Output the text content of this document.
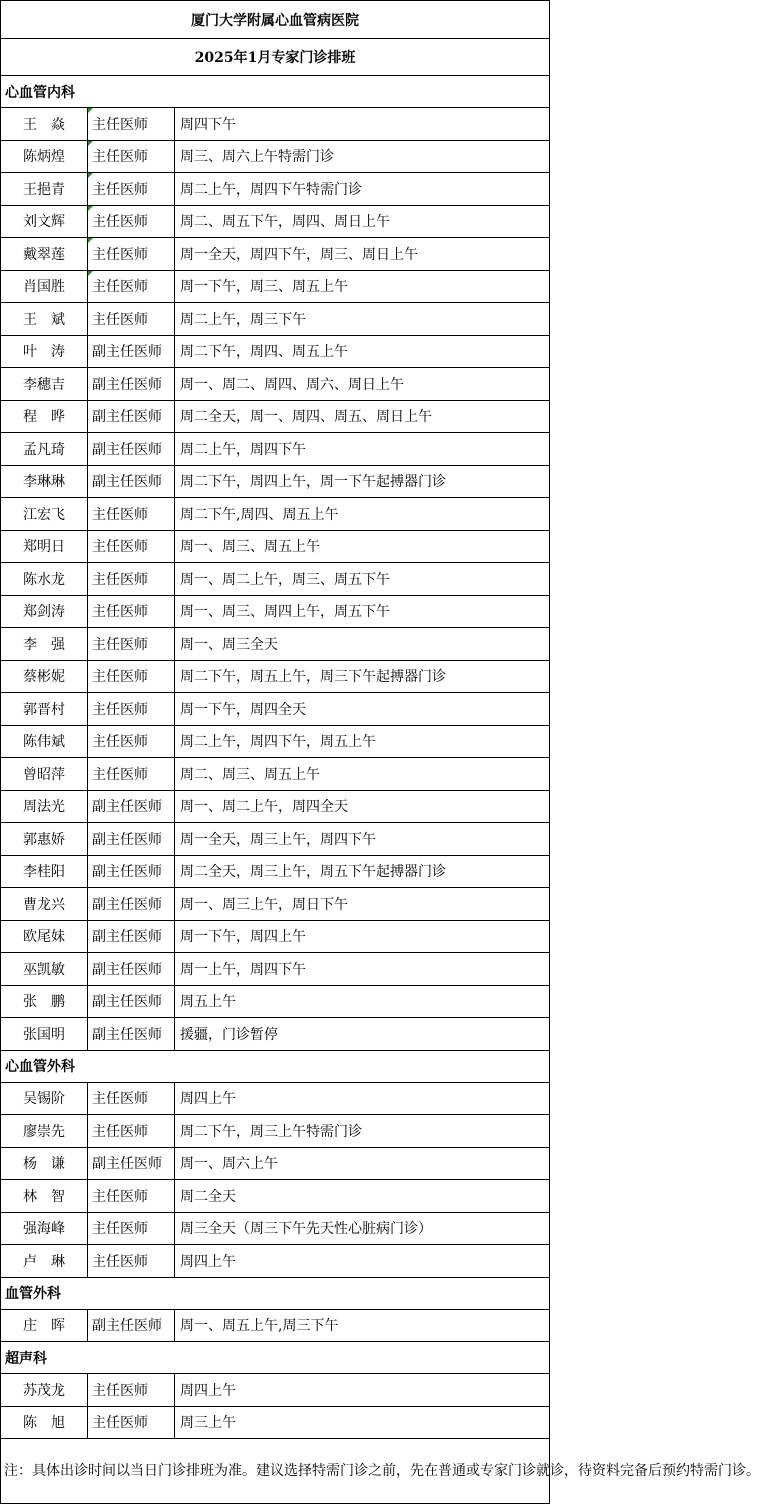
厦门大学附属心血管病医院		
2025年1月专家门诊排班		
心血管内科		
王　焱	主任医师	周四下午
陈炳煌	主任医师	周三、周六上午特需门诊
王挹青	主任医师	周二上午，周四下午特需门诊
刘文辉	主任医师	周二、周五下午，周四、周日上午
戴翠莲	主任医师	周一全天，周四下午，周三、周日上午
肖国胜	主任医师	周一下午，周三、周五上午
王　斌	主任医师	周二上午，周三下午
叶　涛	副主任医师	周二下午，周四、周五上午
李穗吉	副主任医师	周一、周二、周四、周六、周日上午
程　晔	副主任医师	周二全天，周一、周四、周五、周日上午
孟凡琦	副主任医师	周二上午，周四下午
李琳琳	副主任医师	周二下午，周四上午，周一下午起搏器门诊
江宏飞	主任医师	周二下午,周四、周五上午
郑明日	主任医师	周一、周三、周五上午
陈水龙	主任医师	周一、周二上午，周三、周五下午
郑剑涛	主任医师	周一、周三、周四上午，周五下午
李　强	主任医师	周一、周三全天
蔡彬妮	主任医师	周二下午，周五上午，周三下午起搏器门诊
郭晋村	主任医师	周一下午，周四全天
陈伟斌	主任医师	周二上午，周四下午，周五上午
曾昭萍	主任医师	周二、周三、周五上午
周法光	副主任医师	周一、周二上午，周四全天
郭惠娇	副主任医师	周一全天，周三上午，周四下午
李桂阳	副主任医师	周二全天，周三上午，周五下午起搏器门诊
曹龙兴	副主任医师	周一、周三上午，周日下午
欧尾妹	副主任医师	周一下午，周四上午
巫凯敏	副主任医师	周一上午，周四下午
张　鹏	副主任医师	周五上午
张国明	副主任医师	援疆，门诊暂停
心血管外科		
吴锡阶	主任医师	周四上午
廖崇先	主任医师	周二下午，周三上午特需门诊
杨　谦	副主任医师	周一、周六上午
林　智	主任医师	周二全天
强海峰	主任医师	周三全天（周三下午先天性心脏病门诊）
卢　琳	主任医师	周四上午
血管外科		
庄　晖	副主任医师	周一、周五上午,周三下午
超声科		
苏茂龙	主任医师	周四上午
陈　旭	主任医师	周三上午
注：具体出诊时间以当日门诊排班为准。建议选择特需门诊之前，先在普通或专家门诊就诊，待资料完备后预约特需门诊。		
